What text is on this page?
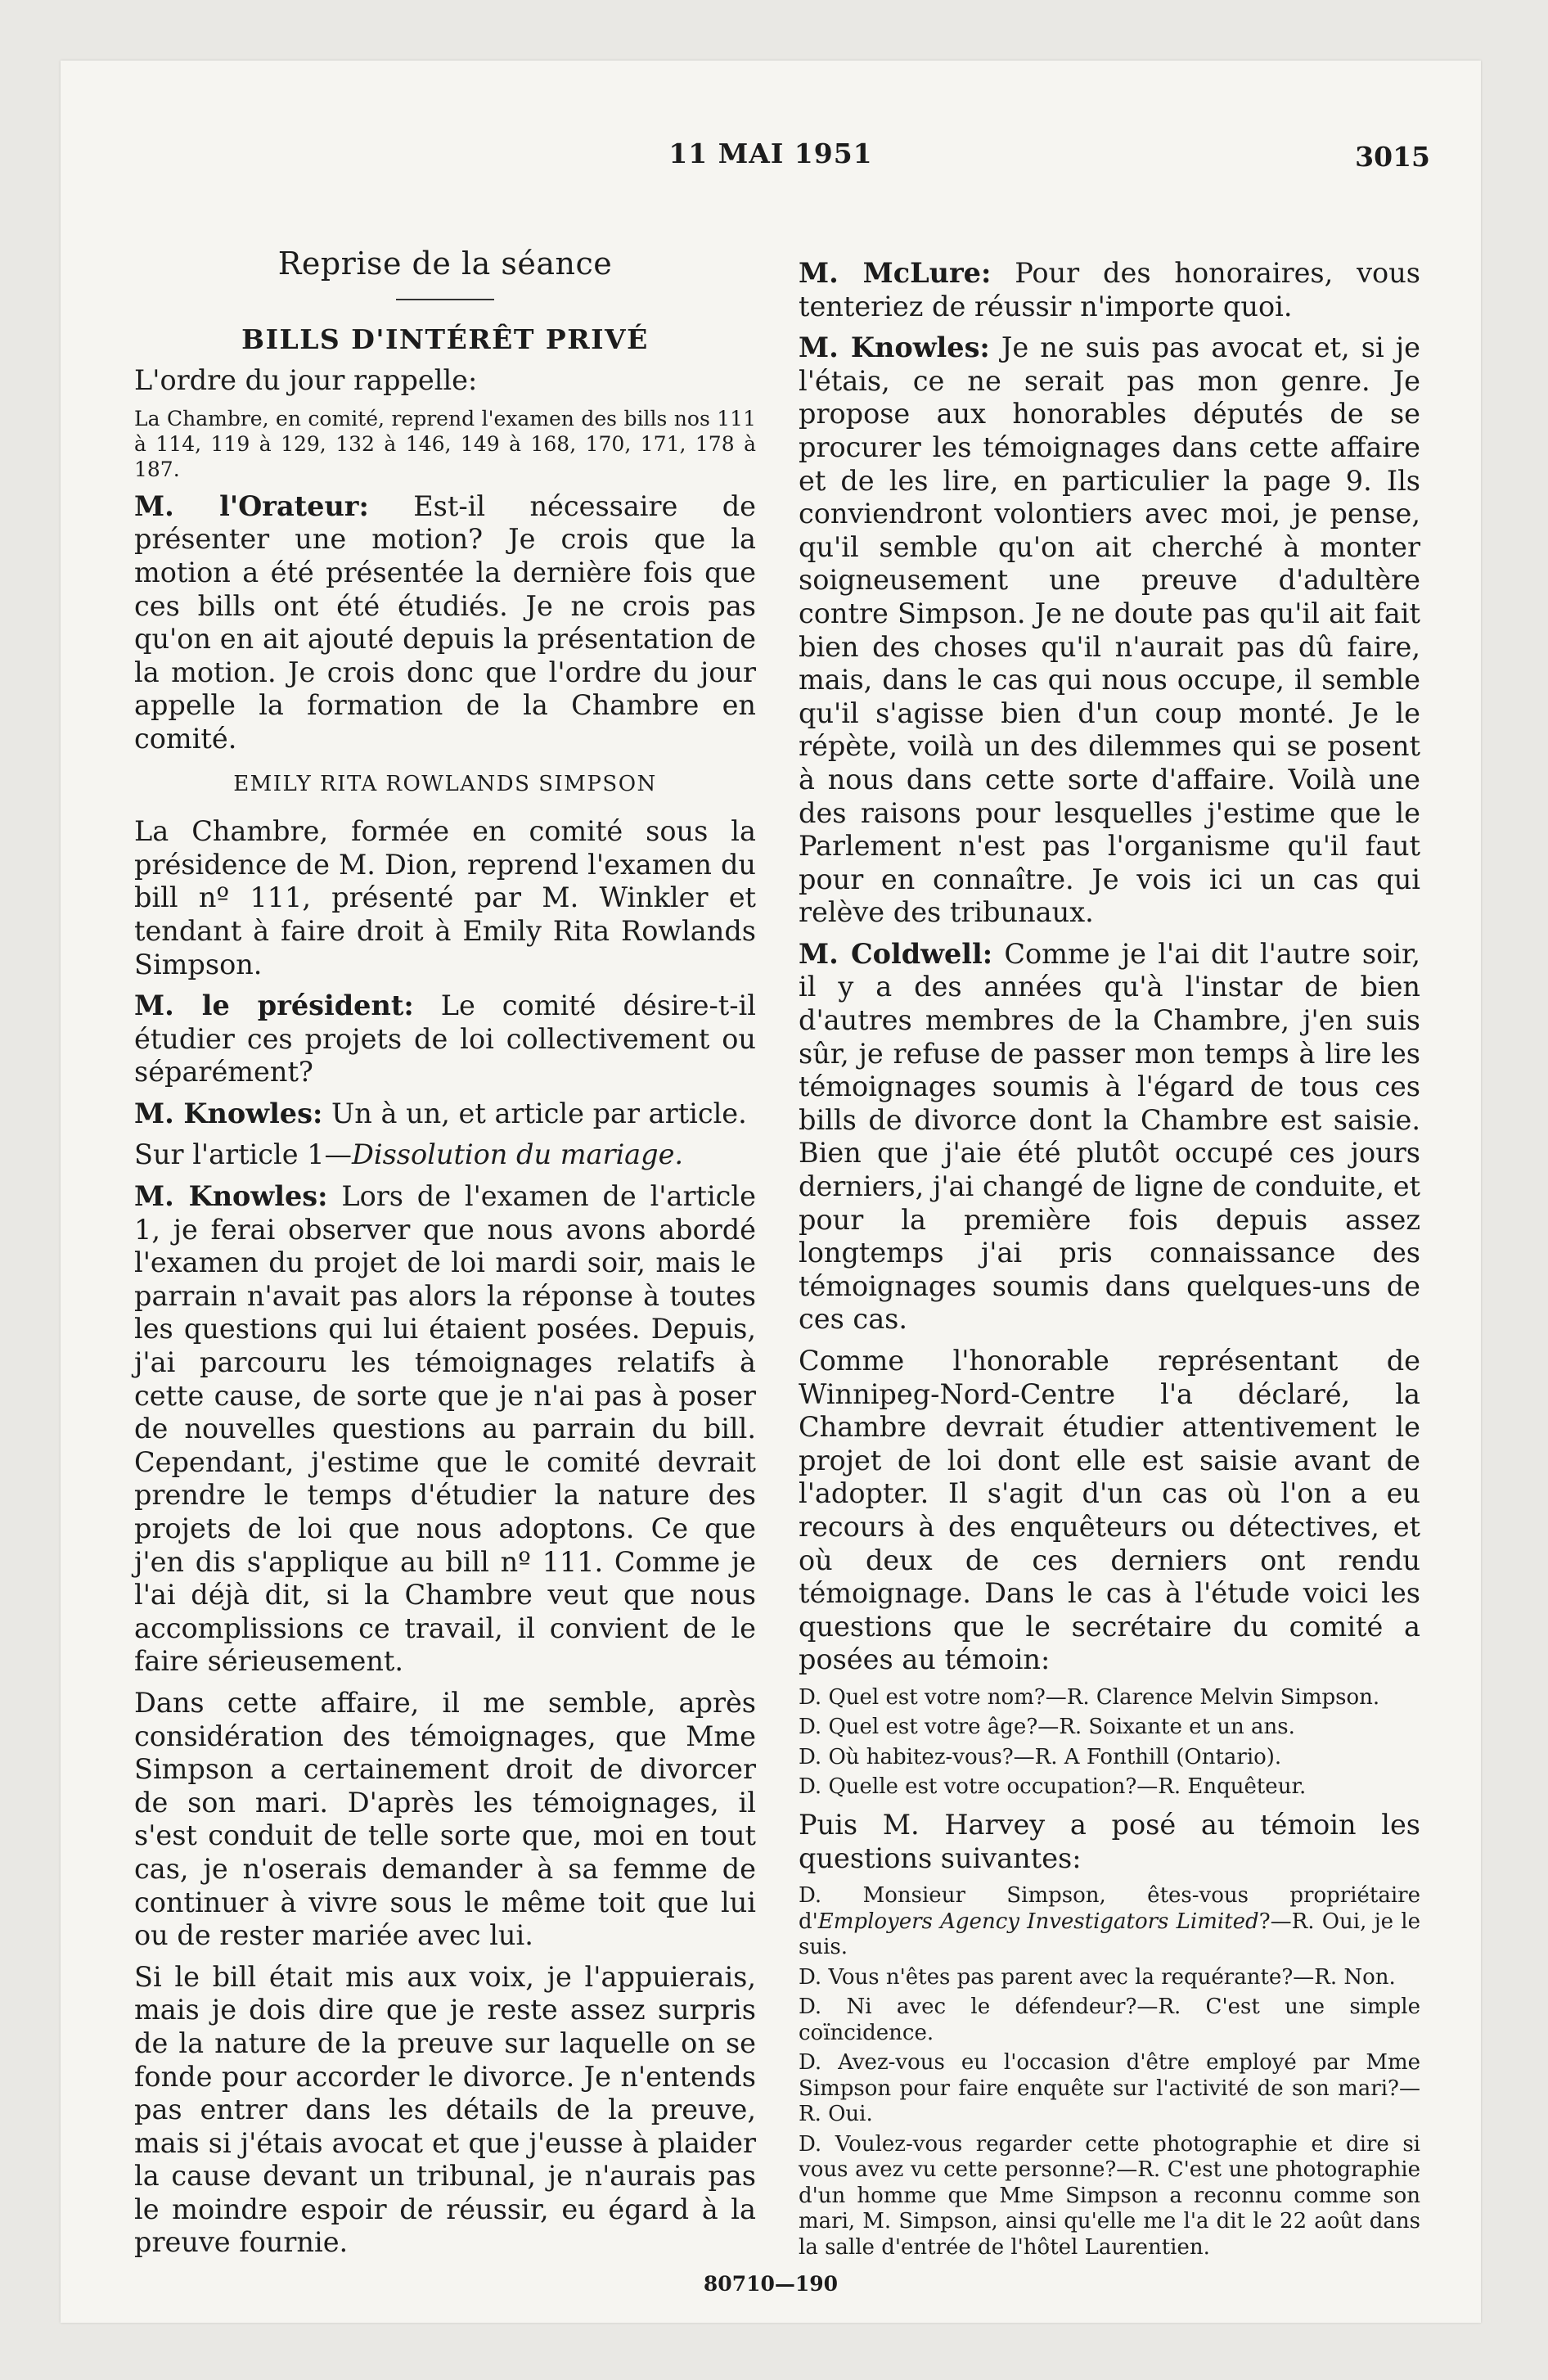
11 MAI 1951	3015

Reprise de la séance

BILLS D'INTÉRÊT PRIVÉ

L'ordre du jour rappelle:

La Chambre, en comité, reprend l'examen des bills nos 111 à 114, 119 à 129, 132 à 146, 149 à 168, 170, 171, 178 à 187.

M. l'Orateur: Est-il nécessaire de présenter une motion? Je crois que la motion a été présentée la dernière fois que ces bills ont été étudiés. Je ne crois pas qu'on en ait ajouté depuis la présentation de la motion. Je crois donc que l'ordre du jour appelle la formation de la Chambre en comité.

EMILY RITA ROWLANDS SIMPSON

La Chambre, formée en comité sous la présidence de M. Dion, reprend l'examen du bill nº 111, présenté par M. Winkler et tendant à faire droit à Emily Rita Rowlands Simpson.

M. le président: Le comité désire-t-il étudier ces projets de loi collectivement ou séparément?

M. Knowles: Un à un, et article par article.

Sur l'article 1—Dissolution du mariage.

M. Knowles: Lors de l'examen de l'article 1, je ferai observer que nous avons abordé l'examen du projet de loi mardi soir, mais le parrain n'avait pas alors la réponse à toutes les questions qui lui étaient posées. Depuis, j'ai parcouru les témoignages relatifs à cette cause, de sorte que je n'ai pas à poser de nouvelles questions au parrain du bill. Cependant, j'estime que le comité devrait prendre le temps d'étudier la nature des projets de loi que nous adoptons. Ce que j'en dis s'applique au bill nº 111. Comme je l'ai déjà dit, si la Chambre veut que nous accomplissions ce travail, il convient de le faire sérieusement.

Dans cette affaire, il me semble, après considération des témoignages, que Mme Simpson a certainement droit de divorcer de son mari. D'après les témoignages, il s'est conduit de telle sorte que, moi en tout cas, je n'oserais demander à sa femme de continuer à vivre sous le même toit que lui ou de rester mariée avec lui.

Si le bill était mis aux voix, je l'appuierais, mais je dois dire que je reste assez surpris de la nature de la preuve sur laquelle on se fonde pour accorder le divorce. Je n'entends pas entrer dans les détails de la preuve, mais si j'étais avocat et que j'eusse à plaider la cause devant un tribunal, je n'aurais pas le moindre espoir de réussir, eu égard à la preuve fournie.

M. McLure: Pour des honoraires, vous tenteriez de réussir n'importe quoi.

M. Knowles: Je ne suis pas avocat et, si je l'étais, ce ne serait pas mon genre. Je propose aux honorables députés de se procurer les témoignages dans cette affaire et de les lire, en particulier la page 9. Ils conviendront volontiers avec moi, je pense, qu'il semble qu'on ait cherché à monter soigneusement une preuve d'adultère contre Simpson. Je ne doute pas qu'il ait fait bien des choses qu'il n'aurait pas dû faire, mais, dans le cas qui nous occupe, il semble qu'il s'agisse bien d'un coup monté. Je le répète, voilà un des dilemmes qui se posent à nous dans cette sorte d'affaire. Voilà une des raisons pour lesquelles j'estime que le Parlement n'est pas l'organisme qu'il faut pour en connaître. Je vois ici un cas qui relève des tribunaux.

M. Coldwell: Comme je l'ai dit l'autre soir, il y a des années qu'à l'instar de bien d'autres membres de la Chambre, j'en suis sûr, je refuse de passer mon temps à lire les témoignages soumis à l'égard de tous ces bills de divorce dont la Chambre est saisie. Bien que j'aie été plutôt occupé ces jours derniers, j'ai changé de ligne de conduite, et pour la première fois depuis assez longtemps j'ai pris connaissance des témoignages soumis dans quelques-uns de ces cas.

Comme l'honorable représentant de Winnipeg-Nord-Centre l'a déclaré, la Chambre devrait étudier attentivement le projet de loi dont elle est saisie avant de l'adopter. Il s'agit d'un cas où l'on a eu recours à des enquêteurs ou détectives, et où deux de ces derniers ont rendu témoignage. Dans le cas à l'étude voici les questions que le secrétaire du comité a posées au témoin:

D. Quel est votre nom?—R. Clarence Melvin Simpson.

D. Quel est votre âge?—R. Soixante et un ans.

D. Où habitez-vous?—R. A Fonthill (Ontario).

D. Quelle est votre occupation?—R. Enquêteur.

Puis M. Harvey a posé au témoin les questions suivantes:

D. Monsieur Simpson, êtes-vous propriétaire d'Employers Agency Investigators Limited?—R. Oui, je le suis.

D. Vous n'êtes pas parent avec la requérante?—R. Non.

D. Ni avec le défendeur?—R. C'est une simple coïncidence.

D. Avez-vous eu l'occasion d'être employé par Mme Simpson pour faire enquête sur l'activité de son mari?—R. Oui.

D. Voulez-vous regarder cette photographie et dire si vous avez vu cette personne?—R. C'est une photographie d'un homme que Mme Simpson a reconnu comme son mari, M. Simpson, ainsi qu'elle me l'a dit le 22 août dans la salle d'entrée de l'hôtel Laurentien.

80710—190
